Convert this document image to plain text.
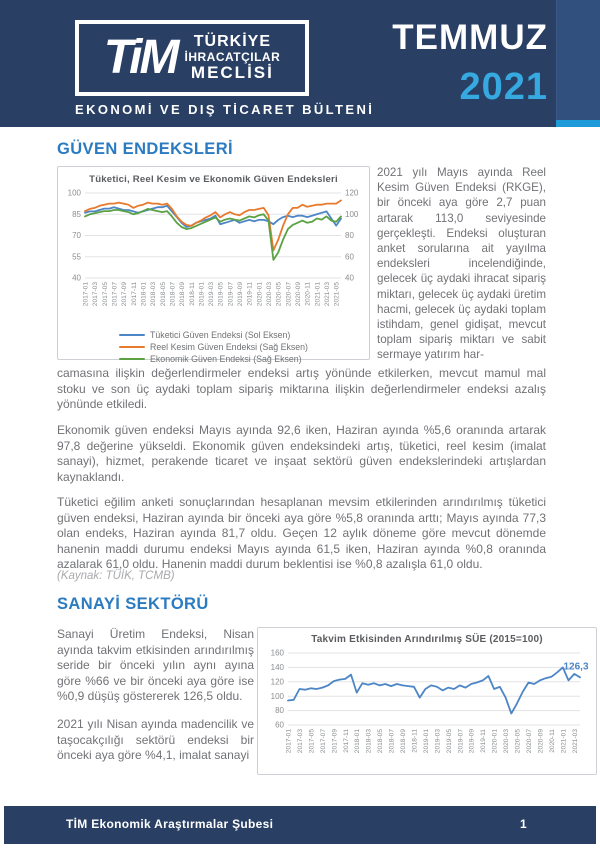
TiM TÜRKİYE
İHRACATÇILAR
MECLİSİ
EKONOMİ VE DIŞ TİCARET BÜLTENİ
TEMMUZ
2021
GÜVEN ENDEKSLERİ
Tüketici, Reel Kesim ve Ekonomik Güven Endeksleri
100	120
85	100
70	80
55	60
40	40
2017-01 2017-03 2017-05 2017-07 2017-09 2017-11 2018-01 2018-03 2018-05 2018-07 2018-09 2018-11 2019-01 2019-03 2019-05 2019-07 2019-09 2019-11 2020-01 2020-03 2020-05 2020-07 2020-09 2020-11 2021-01 2021-03 2021-05
Tüketici Güven Endeksi (Sol Eksen)
Reel Kesim Güven Endeksi (Sağ Eksen)
Ekonomik Güven Endeksi (Sağ Eksen)
2021 yılı Mayıs ayında Reel Kesim Güven Endeksi (RKGE), bir önceki aya göre 2,7 puan artarak 113,0 seviyesinde gerçekleşti. Endeksi oluşturan anket sorularına ait yayılma endeksleri incelendiğinde, gelecek üç aydaki ihracat sipariş miktarı, gelecek üç aydaki üretim hacmi, gelecek üç aydaki toplam istihdam, genel gidişat, mevcut toplam sipariş miktarı ve sabit sermaye yatırım har-
camasına ilişkin değerlendirmeler endeksi artış yönünde etkilerken, mevcut mamul mal stoku ve son üç aydaki toplam sipariş miktarına ilişkin değerlendirmeler endeksi azalış yönünde etkiledi.
Ekonomik güven endeksi Mayıs ayında 92,6 iken, Haziran ayında %5,6 oranında artarak 97,8 değerine yükseldi. Ekonomik güven endeksindeki artış, tüketici, reel kesim (imalat sanayi), hizmet, perakende ticaret ve inşaat sektörü güven endekslerindeki artışlardan kaynaklandı.
Tüketici eğilim anketi sonuçlarından hesaplanan mevsim etkilerinden arındırılmış tüketici güven endeksi, Haziran ayında bir önceki aya göre %5,8 oranında arttı; Mayıs ayında 77,3 olan endeks, Haziran ayında 81,7 oldu. Geçen 12 aylık döneme göre mevcut dönemde hanenin maddi durumu endeksi Mayıs ayında 61,5 iken, Haziran ayında %0,8 oranında azalarak 61,0 oldu. Hanenin maddi durum beklentisi ise %0,8 azalışla 61,0 oldu.
(Kaynak: TÜİK, TCMB)
SANAYİ SEKTÖRÜ
Sanayi Üretim Endeksi, Nisan ayında takvim etkisinden arındırılmış seride bir önceki yılın aynı ayına göre %66 ve bir önceki aya göre ise %0,9 düşüş göstererek 126,5 oldu.
2021 yılı Nisan ayında madencilik ve taşocakçılığı sektörü endeksi bir önceki aya göre %4,1, imalat sanayi
Takvim Etkisinden Arındırılmış SÜE (2015=100)
160
140
120
100
80
60
2017-01 2017-03 2017-05 2017-07 2017-09 2017-11 2018-01 2018-03 2018-05 2018-07 2018-09 2018-11 2019-01 2019-03 2019-05 2019-07 2019-09 2019-11 2020-01 2020-03 2020-05 2020-07 2020-09 2020-11 2021-01 2021-03
126,3
TİM Ekonomik Araştırmalar Şubesi	1
